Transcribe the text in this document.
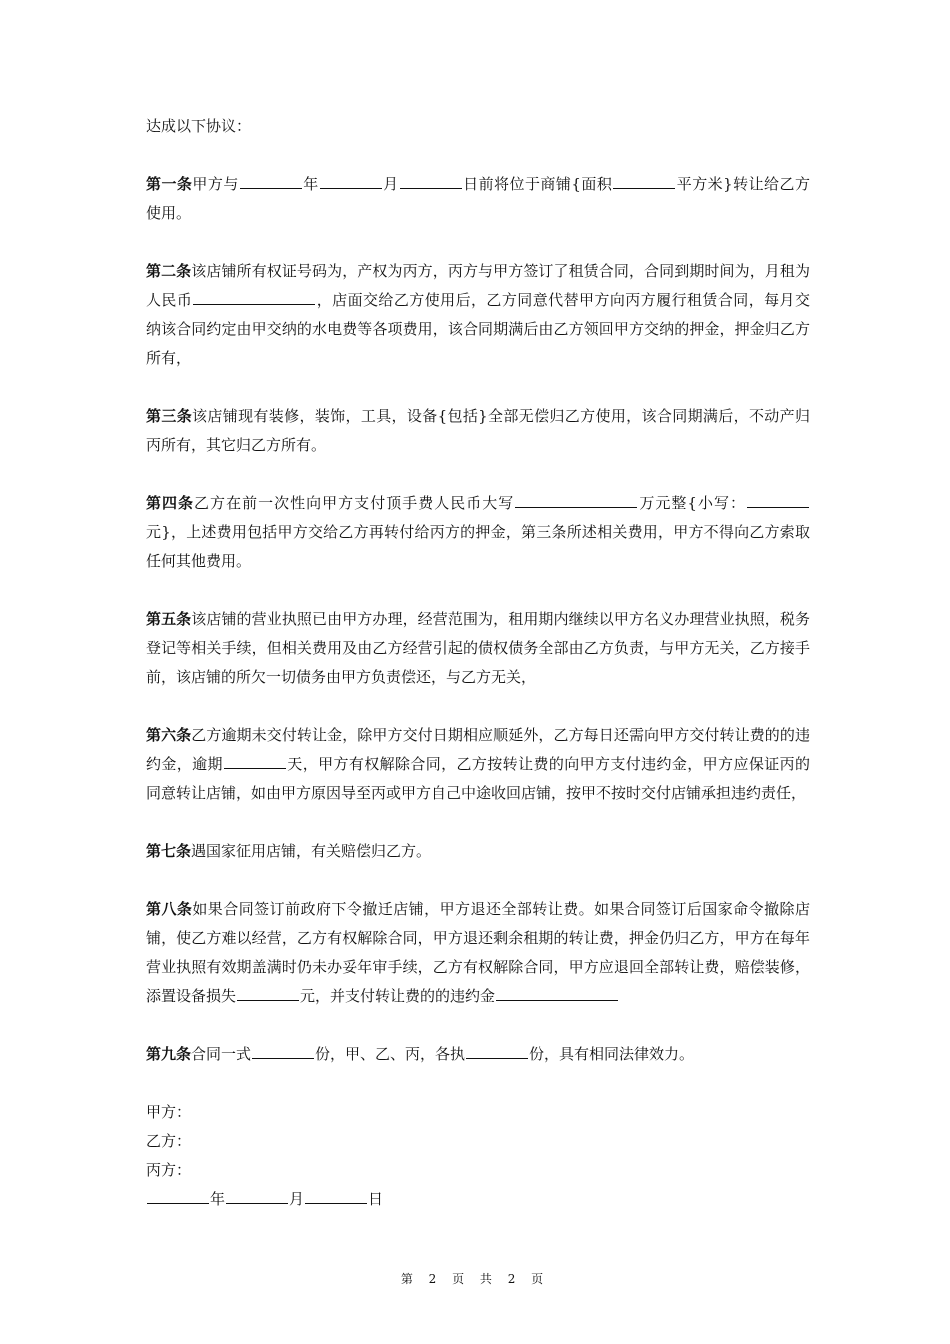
达成以下协议：

第一条甲方与	年	月	日前将位于商铺{面积	平方米}转让给乙方使用。

第二条该店铺所有权证号码为，产权为丙方，丙方与甲方签订了租赁合同，合同到期时间为，月租为人民币	，店面交给乙方使用后，乙方同意代替甲方向丙方履行租赁合同，每月交纳该合同约定由甲交纳的水电费等各项费用，该合同期满后由乙方领回甲方交纳的押金，押金归乙方所有，

第三条该店铺现有装修，装饰，工具，设备{包括}全部无偿归乙方使用，该合同期满后，不动产归丙所有，其它归乙方所有。

第四条乙方在前一次性向甲方支付顶手费人民币大写	万元整{小写：元}，上述费用包括甲方交给乙方再转付给丙方的押金，第三条所述相关费用，甲方不得向乙方索取任何其他费用。

第五条该店铺的营业执照已由甲方办理，经营范围为，租用期内继续以甲方名义办理营业执照，税务登记等相关手续，但相关费用及由乙方经营引起的债权债务全部由乙方负责，与甲方无关，乙方接手前，该店铺的所欠一切债务由甲方负责偿还，与乙方无关，

第六条乙方逾期未交付转让金，除甲方交付日期相应顺延外，乙方每日还需向甲方交付转让费的的违约金，逾期	天，甲方有权解除合同，乙方按转让费的向甲方支付违约金，甲方应保证丙的同意转让店铺，如由甲方原因导至丙或甲方自己中途收回店铺，按甲不按时交付店铺承担违约责任，

第七条遇国家征用店铺，有关赔偿归乙方。

第八条如果合同签订前政府下令撤迁店铺，甲方退还全部转让费。如果合同签订后国家命令撤除店铺，使乙方难以经营，乙方有权解除合同，甲方退还剩余租期的转让费，押金仍归乙方，甲方在每年营业执照有效期盖满时仍未办妥年审手续，乙方有权解除合同，甲方应退回全部转让费，赔偿装修，添置设备损失	元，并支付转让费的的违约金

第九条合同一式	份，甲、乙、丙，各执	份，具有相同法律效力。

甲方：
乙方：
丙方：
年	月	日
第 2 页 共 2 页
